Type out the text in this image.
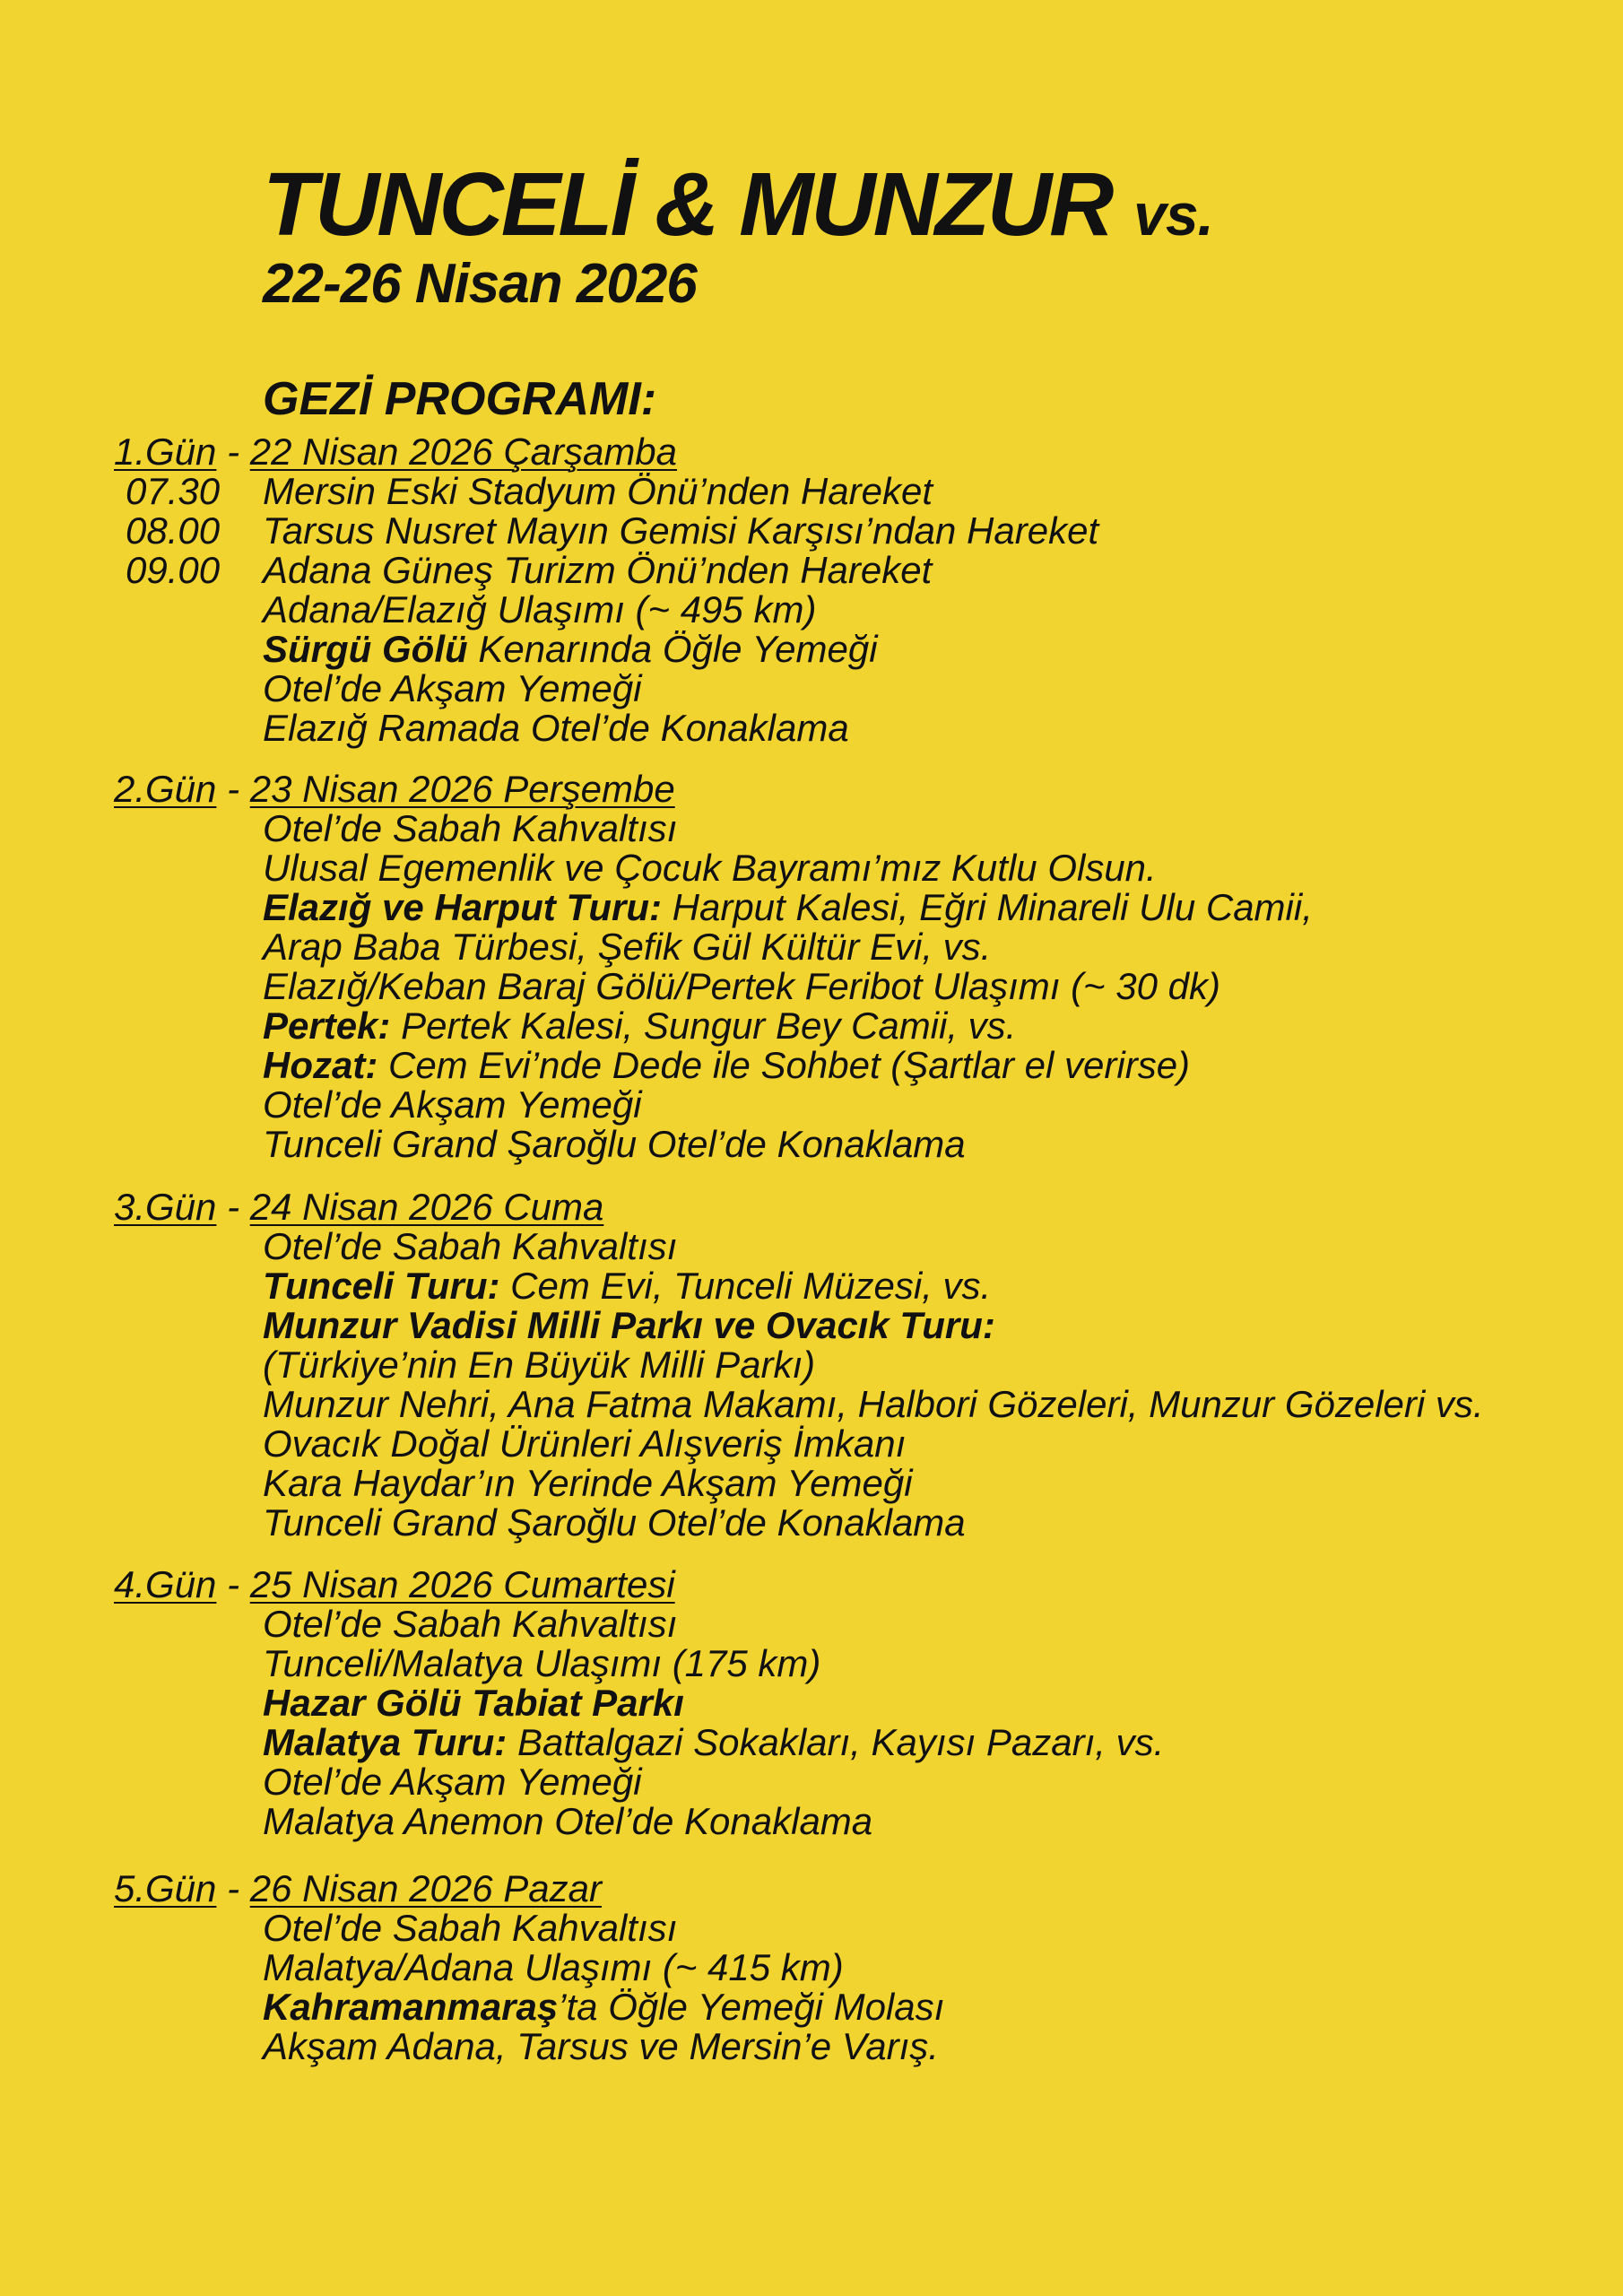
TUNCELİ & MUNZUR vs.
22-26 Nisan 2026
GEZİ PROGRAMI:
1.Gün - 22 Nisan 2026 Çarşamba
07.30	Mersin Eski Stadyum Önü’nden Hareket
08.00	Tarsus Nusret Mayın Gemisi Karşısı’ndan Hareket
09.00	Adana Güneş Turizm Önü’nden Hareket
Adana/Elazığ Ulaşımı (~ 495 km)
Sürgü Gölü Kenarında Öğle Yemeği
Otel’de Akşam Yemeği
Elazığ Ramada Otel’de Konaklama
2.Gün - 23 Nisan 2026 Perşembe
Otel’de Sabah Kahvaltısı
Ulusal Egemenlik ve Çocuk Bayramı’mız Kutlu Olsun.
Elazığ ve Harput Turu: Harput Kalesi, Eğri Minareli Ulu Camii,
Arap Baba Türbesi, Şefik Gül Kültür Evi, vs.
Elazığ/Keban Baraj Gölü/Pertek Feribot Ulaşımı (~ 30 dk)
Pertek: Pertek Kalesi, Sungur Bey Camii, vs.
Hozat: Cem Evi’nde Dede ile Sohbet (Şartlar el verirse)
Otel’de Akşam Yemeği
Tunceli Grand Şaroğlu Otel’de Konaklama
3.Gün - 24 Nisan 2026 Cuma
Otel’de Sabah Kahvaltısı
Tunceli Turu: Cem Evi, Tunceli Müzesi, vs.
Munzur Vadisi Milli Parkı ve Ovacık Turu:
(Türkiye’nin En Büyük Milli Parkı)
Munzur Nehri, Ana Fatma Makamı, Halbori Gözeleri, Munzur Gözeleri vs.
Ovacık Doğal Ürünleri Alışveriş İmkanı
Kara Haydar’ın Yerinde Akşam Yemeği
Tunceli Grand Şaroğlu Otel’de Konaklama
4.Gün - 25 Nisan 2026 Cumartesi
Otel’de Sabah Kahvaltısı
Tunceli/Malatya Ulaşımı (175 km)
Hazar Gölü Tabiat Parkı
Malatya Turu: Battalgazi Sokakları, Kayısı Pazarı, vs.
Otel’de Akşam Yemeği
Malatya Anemon Otel’de Konaklama
5.Gün - 26 Nisan 2026 Pazar
Otel’de Sabah Kahvaltısı
Malatya/Adana Ulaşımı (~ 415 km)
Kahramanmaraş’ta Öğle Yemeği Molası
Akşam Adana, Tarsus ve Mersin’e Varış.
